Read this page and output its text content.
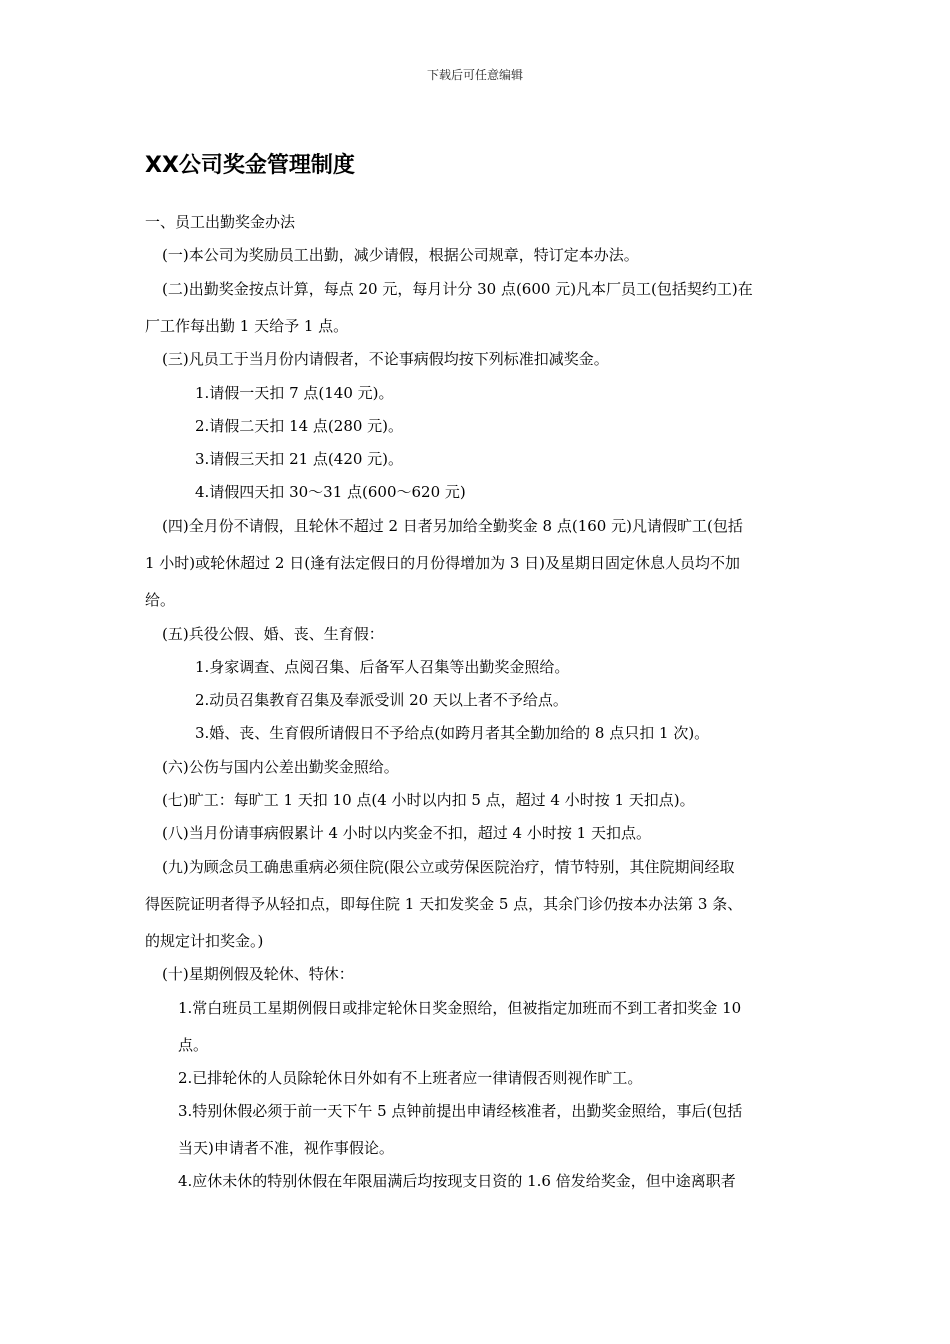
下载后可任意编辑
XX公司奖金管理制度
一、员工出勤奖金办法
(一)本公司为奖励员工出勤，减少请假，根据公司规章，特订定本办法。
(二)出勤奖金按点计算，每点 20 元，每月计分 30 点(600 元)凡本厂员工(包括契约工)在
厂工作每出勤 1 天给予 1 点。
(三)凡员工于当月份内请假者，不论事病假均按下列标准扣减奖金。
1.请假一天扣 7 点(140 元)。
2.请假二天扣 14 点(280 元)。
3.请假三天扣 21 点(420 元)。
4.请假四天扣 30～31 点(600～620 元)
(四)全月份不请假，且轮休不超过 2 日者另加给全勤奖金 8 点(160 元)凡请假旷工(包括
1 小时)或轮休超过 2 日(逢有法定假日的月份得增加为 3 日)及星期日固定休息人员均不加
给。
(五)兵役公假、婚、丧、生育假：
1.身家调查、点阅召集、后备军人召集等出勤奖金照给。
2.动员召集教育召集及奉派受训 20 天以上者不予给点。
3.婚、丧、生育假所请假日不予给点(如跨月者其全勤加给的 8 点只扣 1 次)。
(六)公伤与国内公差出勤奖金照给。
(七)旷工：每旷工 1 天扣 10 点(4 小时以内扣 5 点，超过 4 小时按 1 天扣点)。
(八)当月份请事病假累计 4 小时以内奖金不扣，超过 4 小时按 1 天扣点。
(九)为顾念员工确患重病必须住院(限公立或劳保医院治疗，情节特别，其住院期间经取
得医院证明者得予从轻扣点，即每住院 1 天扣发奖金 5 点，其余门诊仍按本办法第 3 条、
的规定计扣奖金。)
(十)星期例假及轮休、特休：
1.常白班员工星期例假日或排定轮休日奖金照给，但被指定加班而不到工者扣奖金 10
点。
2.已排轮休的人员除轮休日外如有不上班者应一律请假否则视作旷工。
3.特别休假必须于前一天下午 5 点钟前提出申请经核准者，出勤奖金照给，事后(包括
当天)申请者不准，视作事假论。
4.应休未休的特别休假在年限届满后均按现支日资的 1.6 倍发给奖金，但中途离职者
